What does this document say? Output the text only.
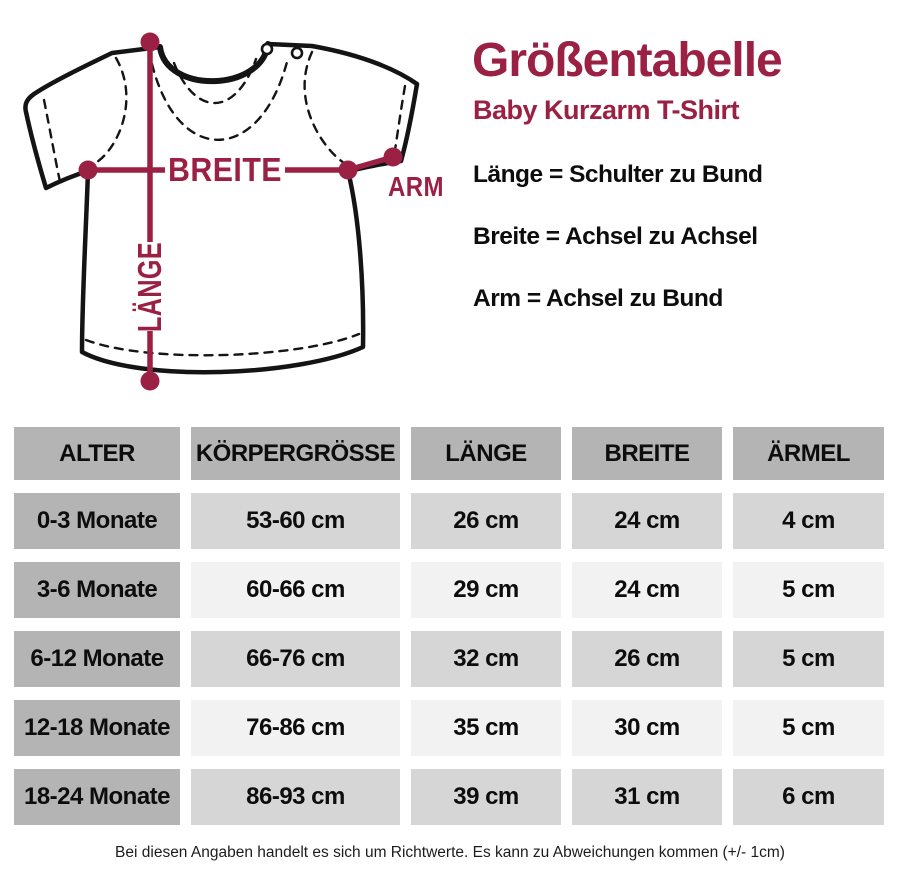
BREITE
LÄNGE
ARM
Größentabelle
Baby Kurzarm T-Shirt
Länge = Schulter zu Bund
Breite = Achsel zu Achsel
Arm = Achsel zu Bund
ALTER	KÖRPERGRÖSSE	LÄNGE	BREITE	ÄRMEL
0-3 Monate	53-60 cm	26 cm	24 cm	4 cm
3-6 Monate	60-66 cm	29 cm	24 cm	5 cm
6-12 Monate	66-76 cm	32 cm	26 cm	5 cm
12-18 Monate	76-86 cm	35 cm	30 cm	5 cm
18-24 Monate	86-93 cm	39 cm	31 cm	6 cm
Bei diesen Angaben handelt es sich um Richtwerte. Es kann zu Abweichungen kommen (+/- 1cm)
